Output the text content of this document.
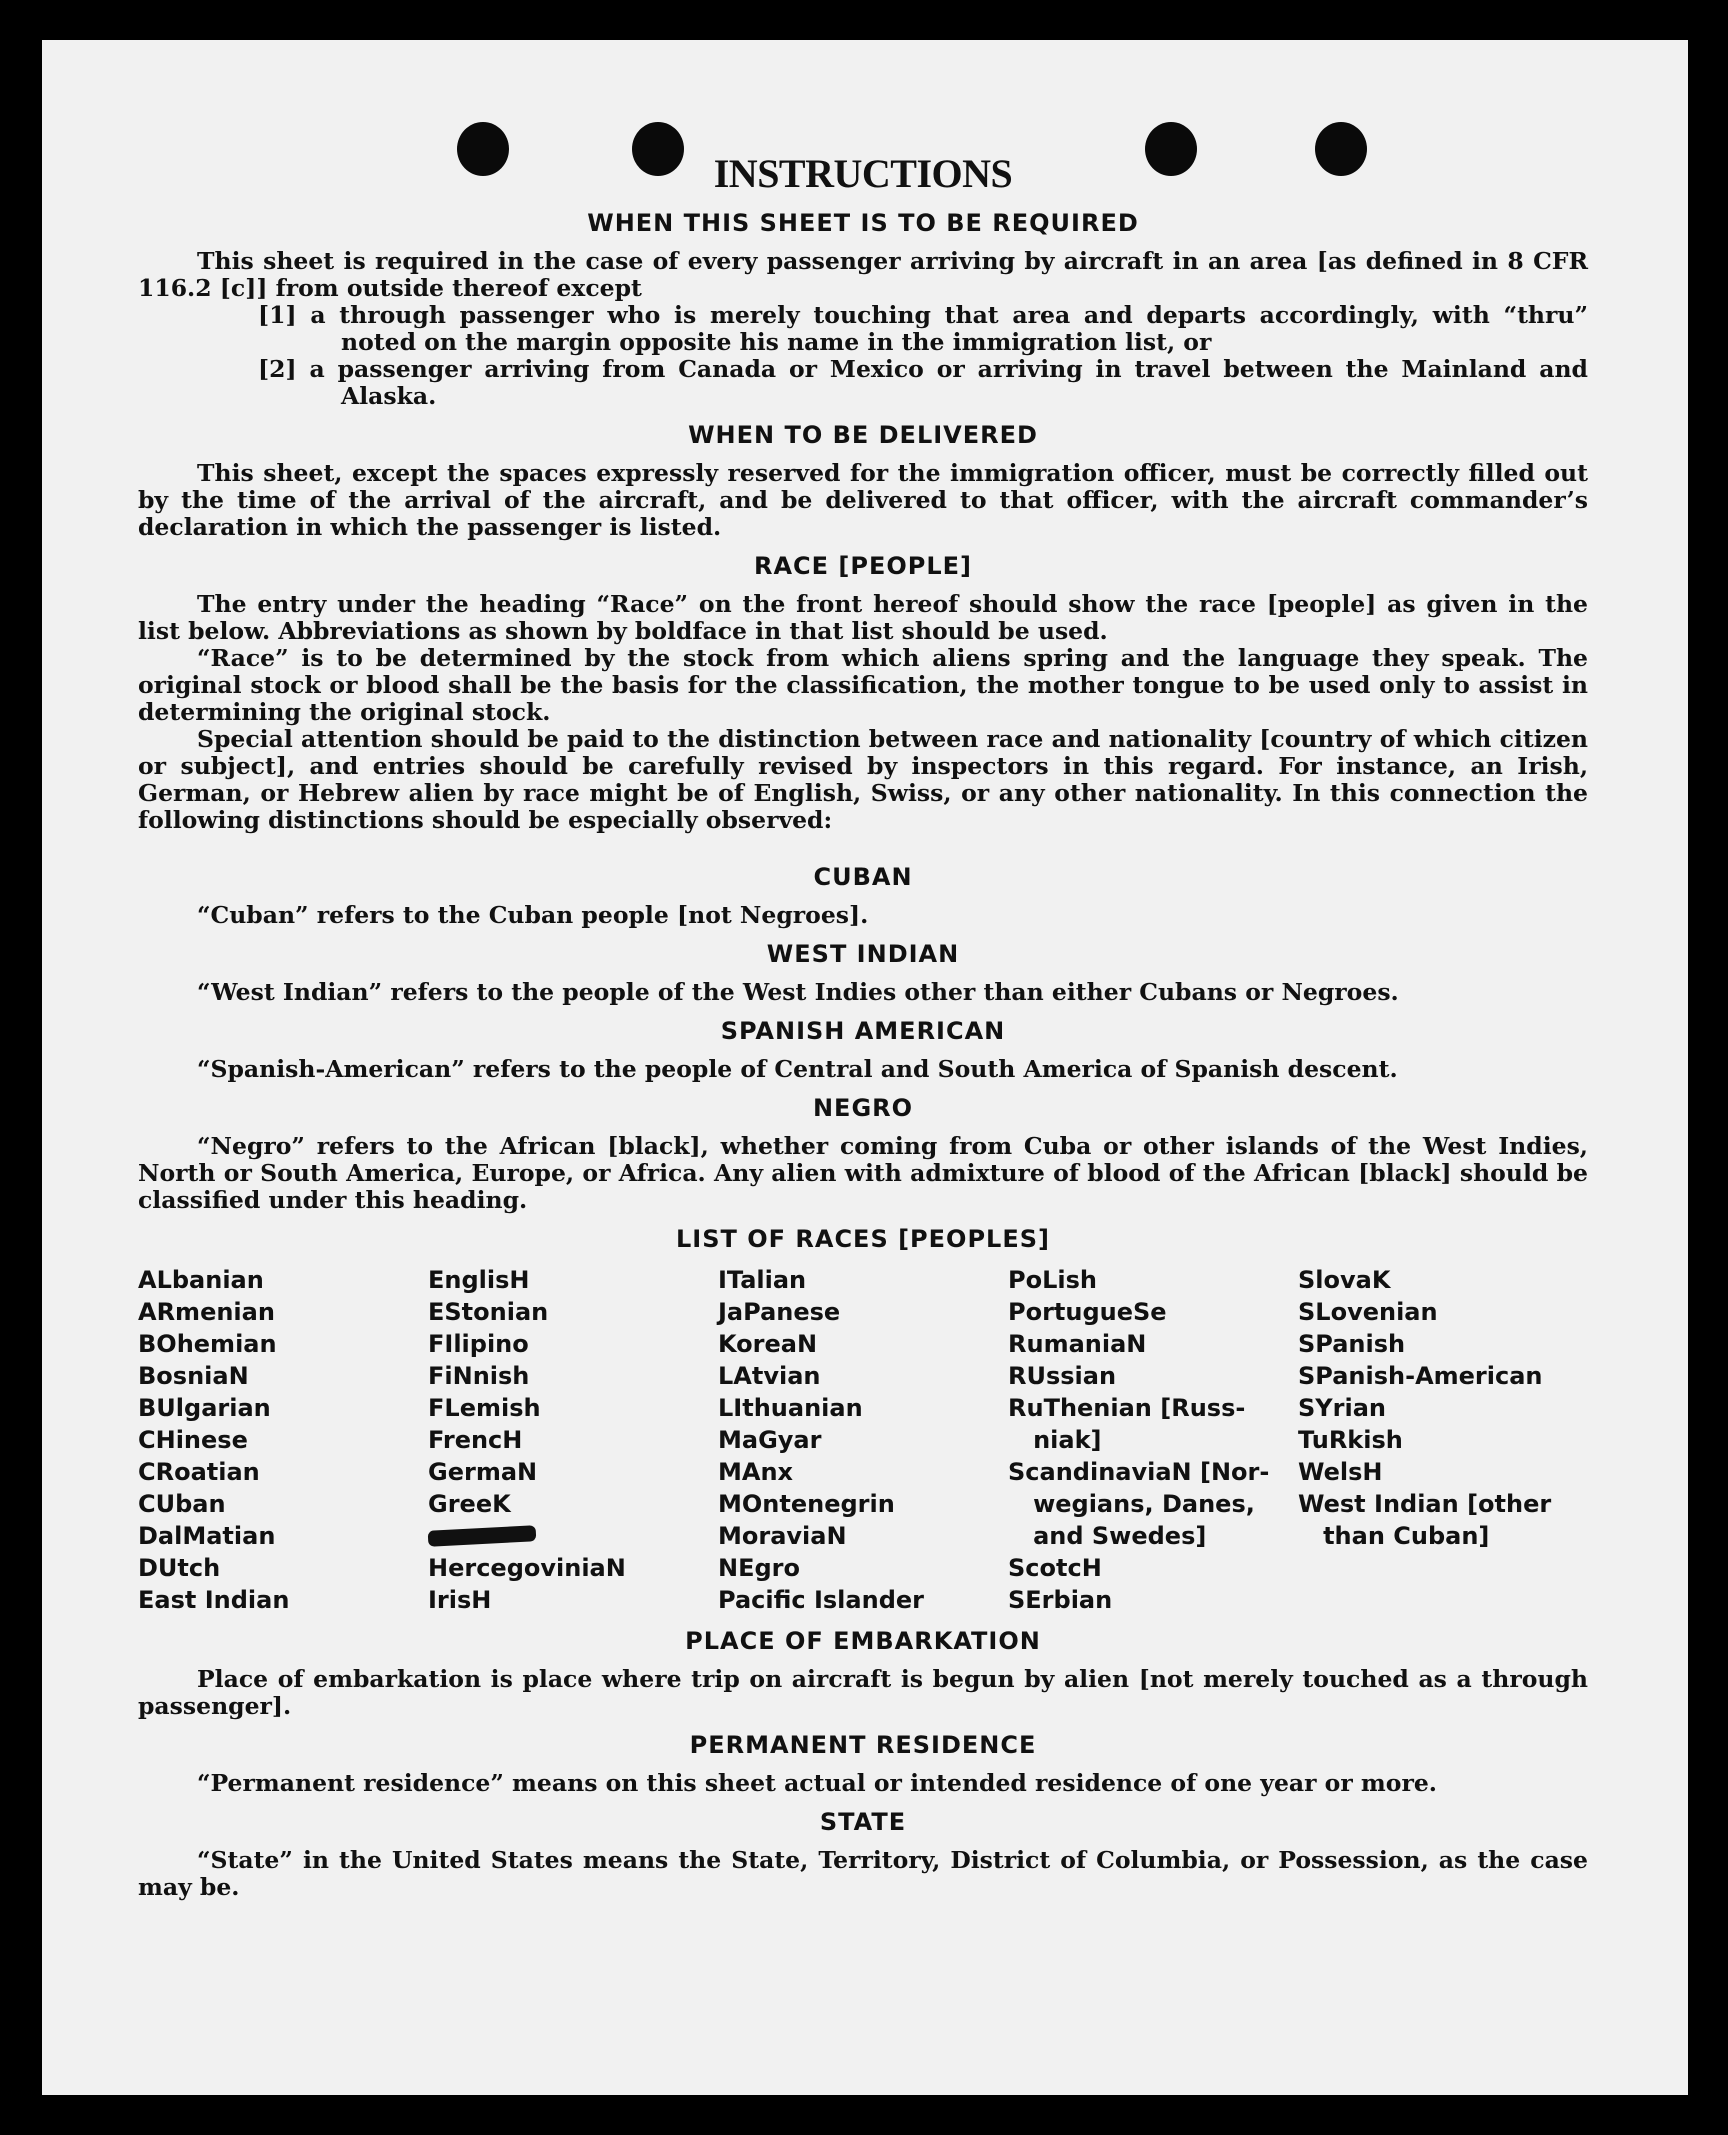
INSTRUCTIONS
WHEN THIS SHEET IS TO BE REQUIRED

This sheet is required in the case of every passenger arriving by aircraft in an area [as defined in 8 CFR 116.2 [c]] from outside thereof except

[1] a through passenger who is merely touching that area and departs accordingly, with “thru” noted on the margin opposite his name in the immigration list, or

[2] a passenger arriving from Canada or Mexico or arriving in travel between the Mainland and Alaska.

WHEN TO BE DELIVERED

This sheet, except the spaces expressly reserved for the immigration officer, must be correctly filled out by the time of the arrival of the aircraft, and be delivered to that officer, with the aircraft commander’s declaration in which the passenger is listed.

RACE [PEOPLE]

The entry under the heading “Race” on the front hereof should show the race [people] as given in the list below. Abbreviations as shown by boldface in that list should be used.

“Race” is to be determined by the stock from which aliens spring and the language they speak. The original stock or blood shall be the basis for the classification, the mother tongue to be used only to assist in determining the original stock.

Special attention should be paid to the distinction between race and nationality [country of which citizen or subject], and entries should be carefully revised by inspectors in this regard. For instance, an Irish, German, or Hebrew alien by race might be of English, Swiss, or any other nationality. In this connection the following distinctions should be especially observed:

CUBAN

“Cuban” refers to the Cuban people [not Negroes].

WEST INDIAN

“West Indian” refers to the people of the West Indies other than either Cubans or Negroes.

SPANISH AMERICAN

“Spanish-American” refers to the people of Central and South America of Spanish descent.

NEGRO

“Negro” refers to the African [black], whether coming from Cuba or other islands of the West Indies, North or South America, Europe, or Africa. Any alien with admixture of blood of the African [black] should be classified under this heading.

LIST OF RACES [PEOPLES]
ALbanian
ARmenian
BOhemian
BosniaN
BUlgarian
CHinese
CRoatian
CUban
DalMatian
DUtch
East Indian
EnglisH
EStonian
FIlipino
FiNnish
FLemish
FrencH
GermaN
GreeK
HercegoviniaN
IrisH
ITalian
JaPanese
KoreaN
LAtvian
LIthuanian
MaGyar
MAnx
MOntenegrin
MoraviaN
NEgro
Pacific Islander
PoLish
PortugueSe
RumaniaN
RUssian
RuThenian [Russ-
niak]
ScandinaviaN [Nor-
wegians, Danes,
and Swedes]
ScotcH
SErbian
SlovaK
SLovenian
SPanish
SPanish-American
SYrian
TuRkish
WelsH
West Indian [other
than Cuban]
PLACE OF EMBARKATION

Place of embarkation is place where trip on aircraft is begun by alien [not merely touched as a through passenger].

PERMANENT RESIDENCE

“Permanent residence” means on this sheet actual or intended residence of one year or more.

STATE

“State” in the United States means the State, Territory, District of Columbia, or Possession, as the case may be.
